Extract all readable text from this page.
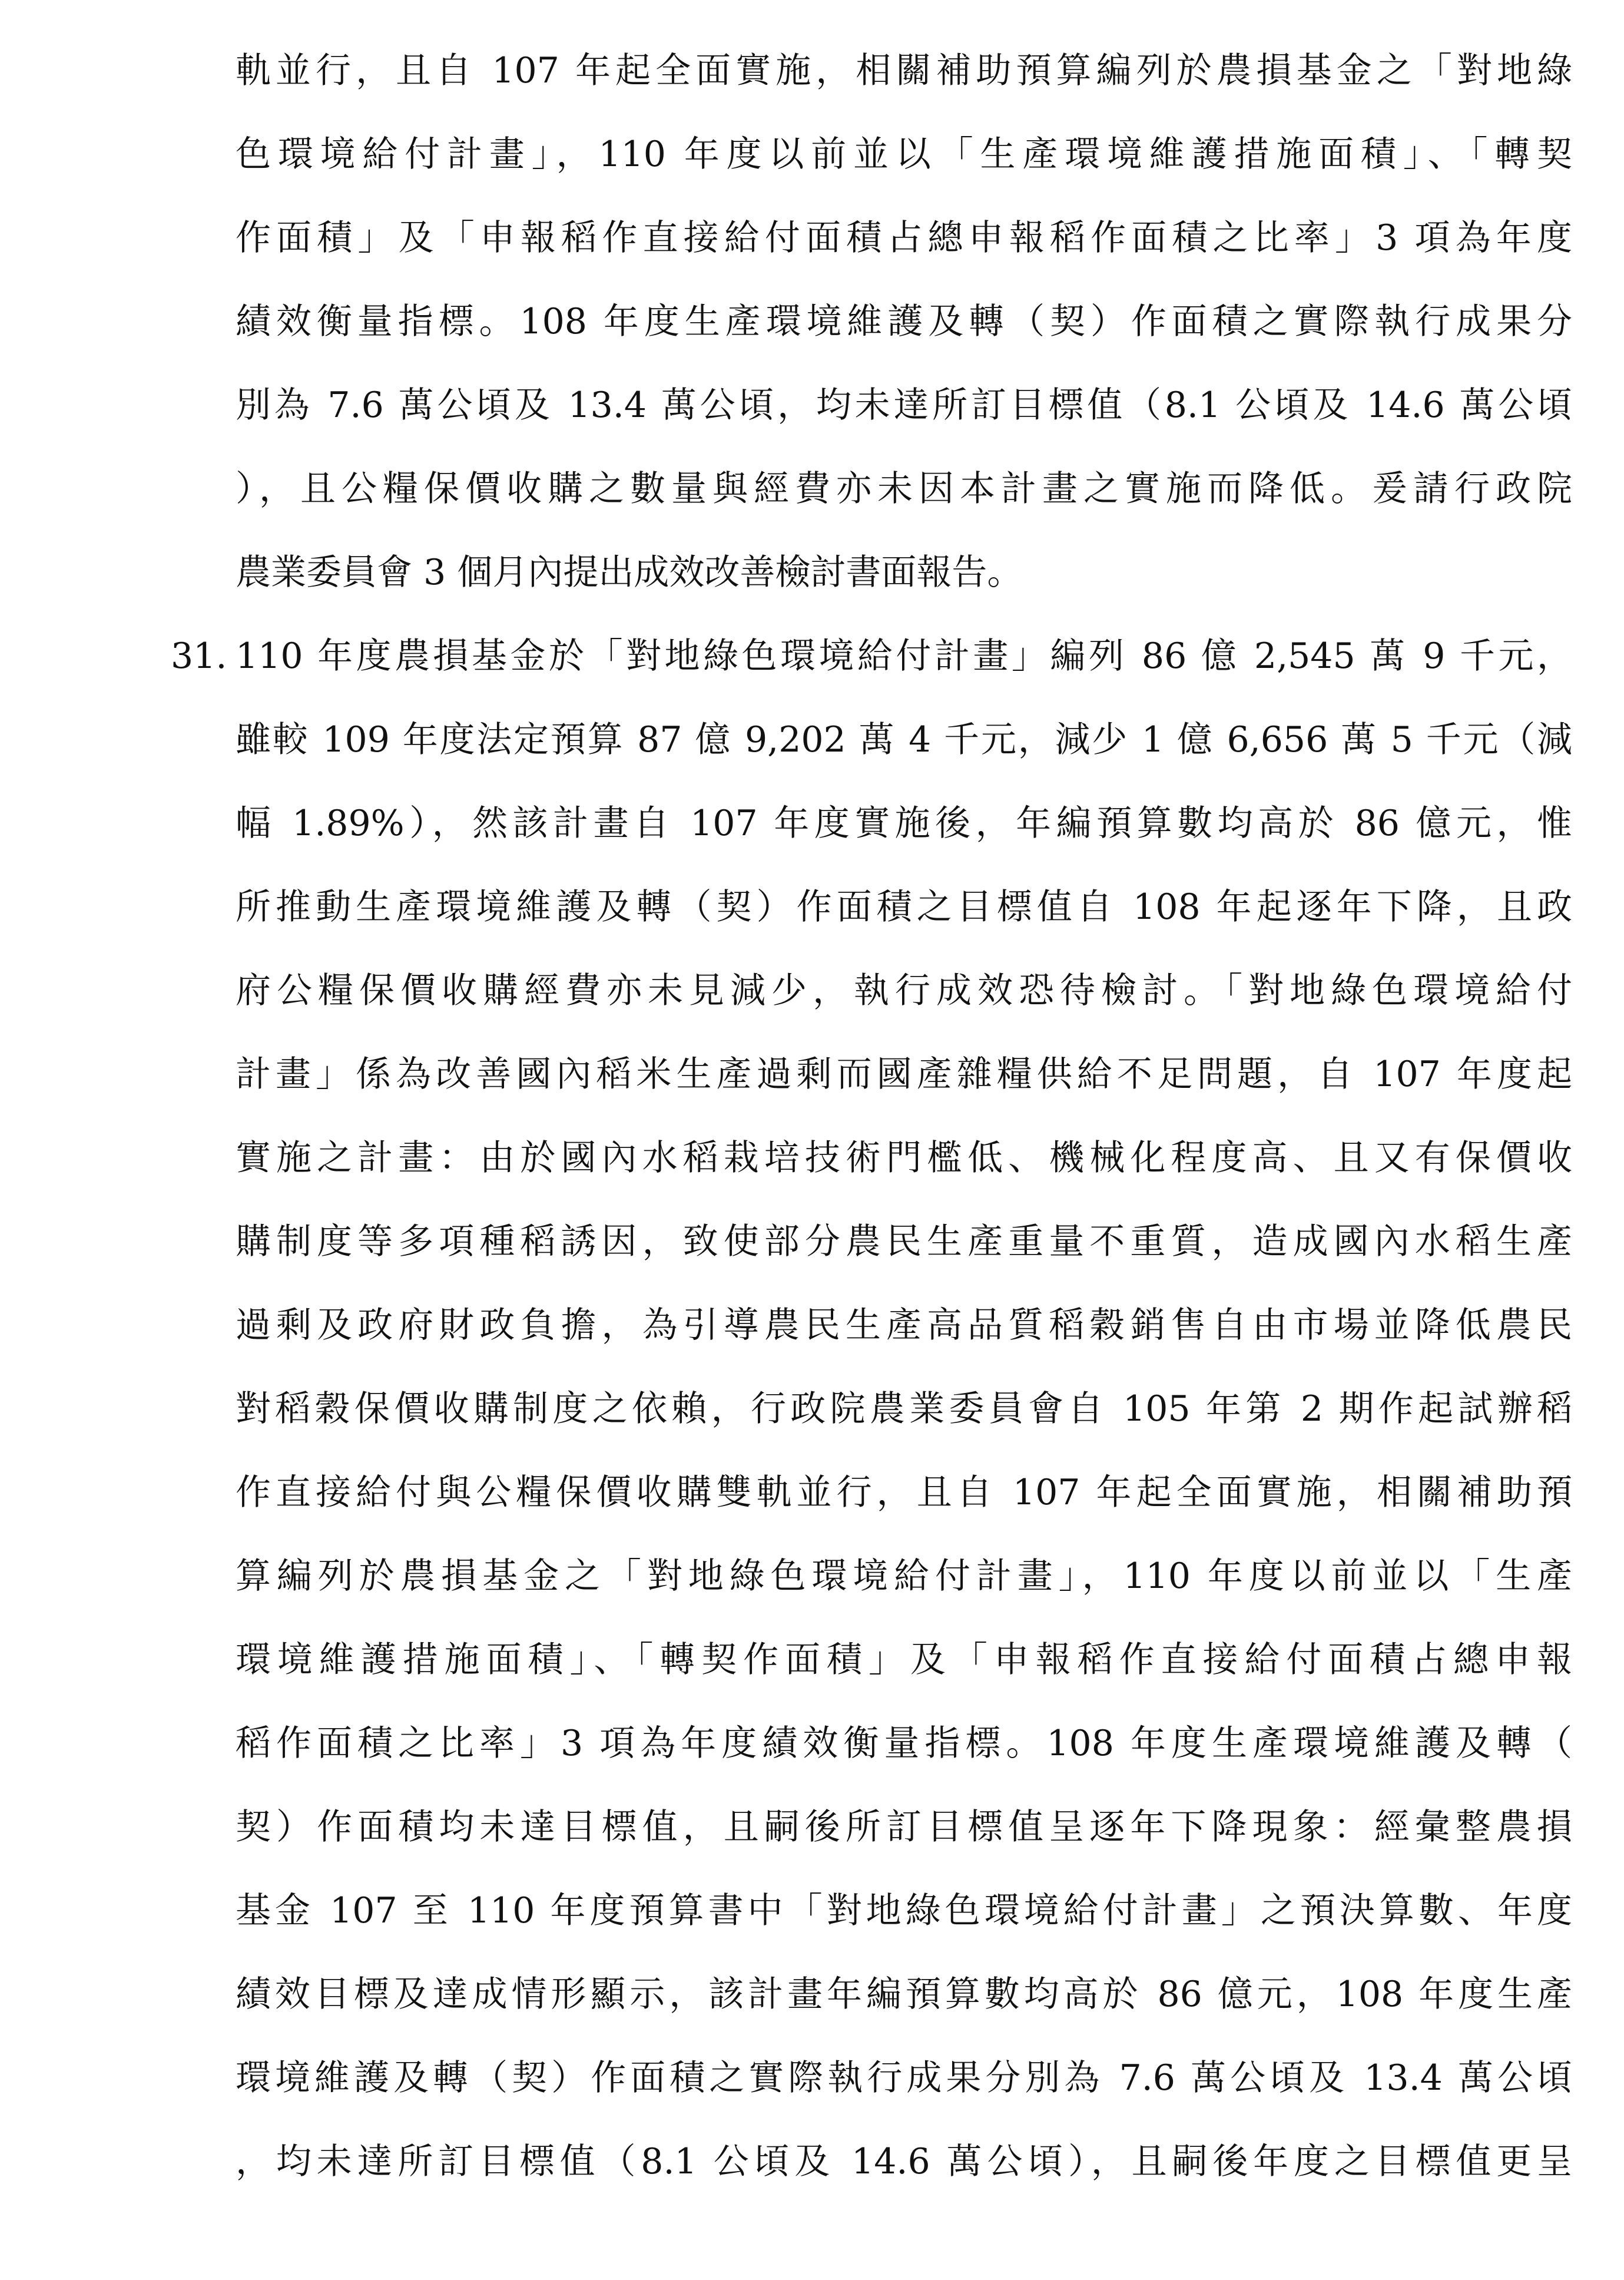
軌並行，且自 107 年起全面實施，相關補助預算編列於農損基金之「對地綠
色環境給付計畫」，110 年度以前並以「生產環境維護措施面積」、「轉契
作面積」及「申報稻作直接給付面積占總申報稻作面積之比率」3 項為年度
績效衡量指標。108 年度生產環境維護及轉（契）作面積之實際執行成果分
別為 7.6 萬公頃及 13.4 萬公頃，均未達所訂目標值（8.1 公頃及 14.6 萬公頃
），且公糧保價收購之數量與經費亦未因本計畫之實施而降低。爰請行政院
農業委員會 3 個月內提出成效改善檢討書面報告。
31. 110 年度農損基金於「對地綠色環境給付計畫」編列 86 億 2,545 萬 9 千元，
雖較 109 年度法定預算 87 億 9,202 萬 4 千元，減少 1 億 6,656 萬 5 千元（減
幅 1.89%），然該計畫自 107 年度實施後，年編預算數均高於 86 億元，惟
所推動生產環境維護及轉（契）作面積之目標值自 108 年起逐年下降，且政
府公糧保價收購經費亦未見減少，執行成效恐待檢討。「對地綠色環境給付
計畫」係為改善國內稻米生產過剩而國產雜糧供給不足問題，自 107 年度起
實施之計畫：由於國內水稻栽培技術門檻低、機械化程度高、且又有保價收
購制度等多項種稻誘因，致使部分農民生產重量不重質，造成國內水稻生產
過剩及政府財政負擔，為引導農民生產高品質稻穀銷售自由市場並降低農民
對稻穀保價收購制度之依賴，行政院農業委員會自 105 年第 2 期作起試辦稻
作直接給付與公糧保價收購雙軌並行，且自 107 年起全面實施，相關補助預
算編列於農損基金之「對地綠色環境給付計畫」，110 年度以前並以「生產
環境維護措施面積」、「轉契作面積」及「申報稻作直接給付面積占總申報
稻作面積之比率」3 項為年度績效衡量指標。108 年度生產環境維護及轉（
契）作面積均未達目標值，且嗣後所訂目標值呈逐年下降現象：經彙整農損
基金 107 至 110 年度預算書中「對地綠色環境給付計畫」之預決算數、年度
績效目標及達成情形顯示，該計畫年編預算數均高於 86 億元，108 年度生產
環境維護及轉（契）作面積之實際執行成果分別為 7.6 萬公頃及 13.4 萬公頃
，均未達所訂目標值（8.1 公頃及 14.6 萬公頃），且嗣後年度之目標值更呈
